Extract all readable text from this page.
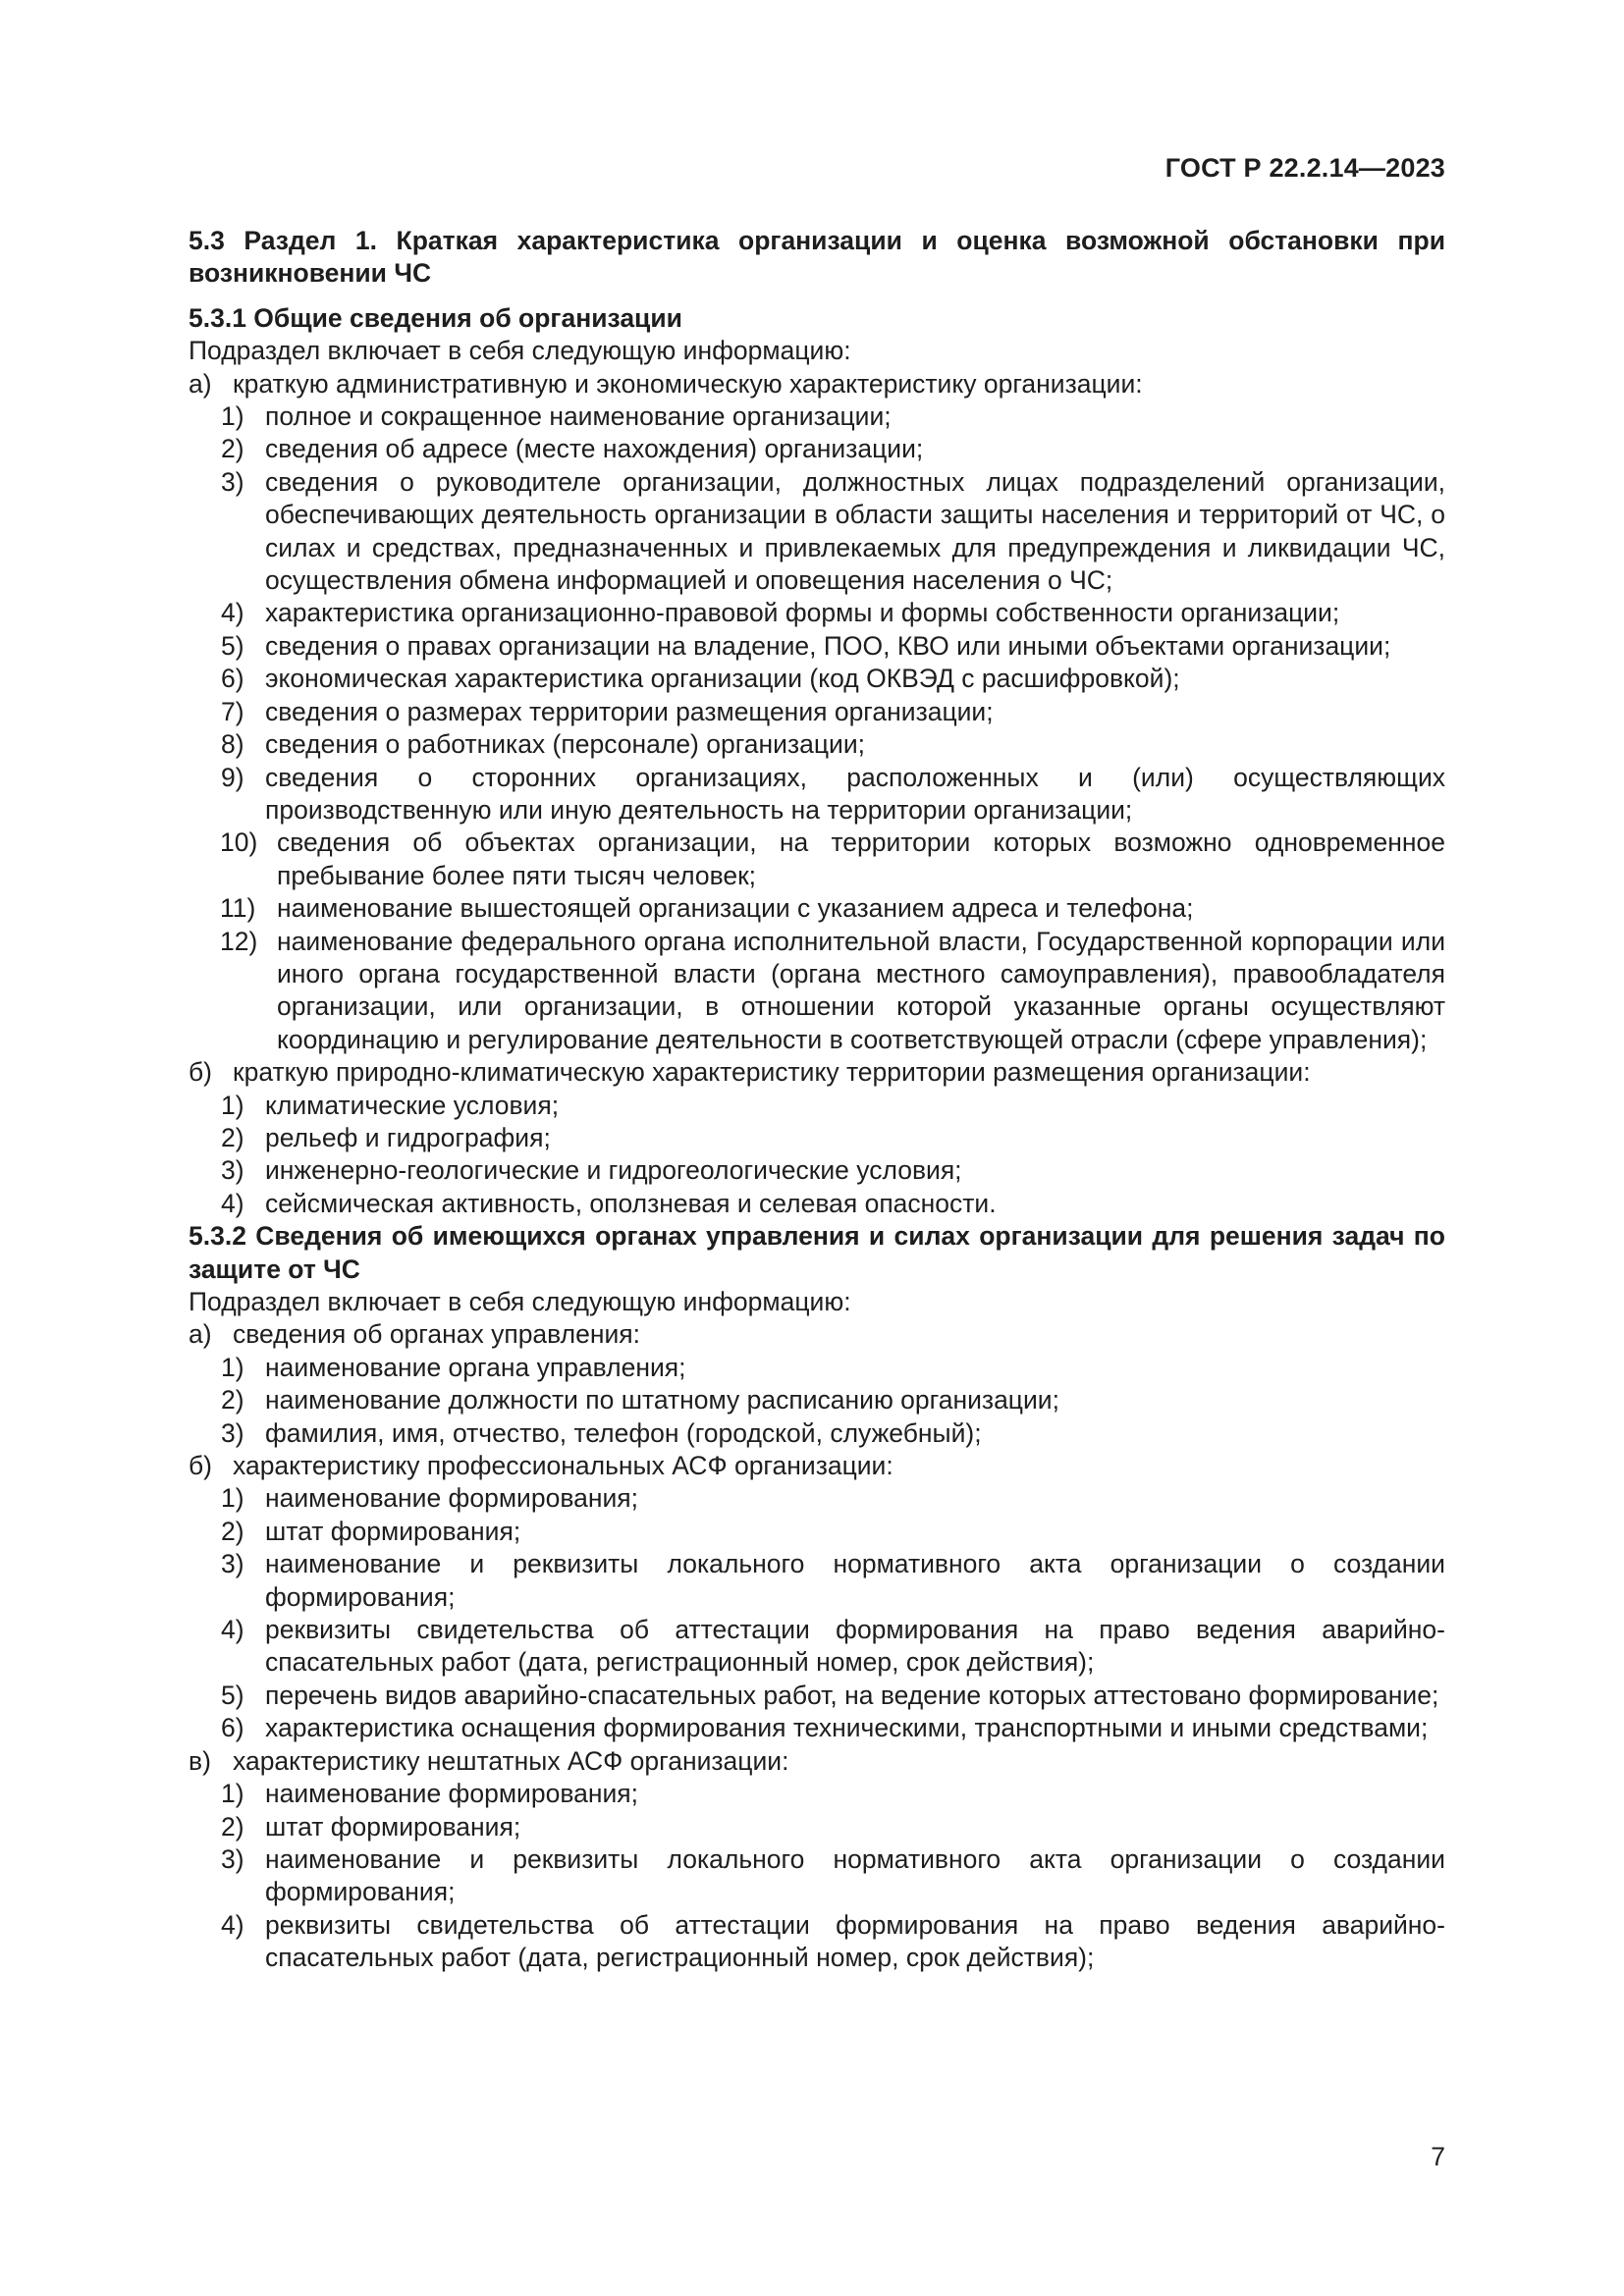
ГОСТ Р 22.2.14—2023

5.3 Раздел 1. Краткая характеристика организации и оценка возможной обстановки при возникновении ЧС

5.3.1 Общие сведения об организации

Подраздел включает в себя следующую информацию:

а) краткую административную и экономическую характеристику организации:
1) полное и сокращенное наименование организации;
2) сведения об адресе (месте нахождения) организации;
3) сведения о руководителе организации, должностных лицах подразделений организации, обеспечивающих деятельность организации в области защиты населения и территорий от ЧС, о силах и средствах, предназначенных и привлекаемых для предупреждения и ликвидации ЧС, осуществления обмена информацией и оповещения населения о ЧС;
4) характеристика организационно-правовой формы и формы собственности организации;
5) сведения о правах организации на владение, ПОО, КВО или иными объектами организации;
6) экономическая характеристика организации (код ОКВЭД с расшифровкой);
7) сведения о размерах территории размещения организации;
8) сведения о работниках (персонале) организации;
9) сведения о сторонних организациях, расположенных и (или) осуществляющих производственную или иную деятельность на территории организации;
10) сведения об объектах организации, на территории которых возможно одновременное пребывание более пяти тысяч человек;
11) наименование вышестоящей организации с указанием адреса и телефона;
12) наименование федерального органа исполнительной власти, Государственной корпорации или иного органа государственной власти (органа местного самоуправления), правообладателя организации, или организации, в отношении которой указанные органы осуществляют координацию и регулирование деятельности в соответствующей отрасли (сфере управления);
б) краткую природно-климатическую характеристику территории размещения организации:
1) климатические условия;
2) рельеф и гидрография;
3) инженерно-геологические и гидрогеологические условия;
4) сейсмическая активность, оползневая и селевая опасности.

5.3.2 Сведения об имеющихся органах управления и силах организации для решения задач по защите от ЧС

Подраздел включает в себя следующую информацию:

а) сведения об органах управления:
1) наименование органа управления;
2) наименование должности по штатному расписанию организации;
3) фамилия, имя, отчество, телефон (городской, служебный);
б) характеристику профессиональных АСФ организации:
1) наименование формирования;
2) штат формирования;
3) наименование и реквизиты локального нормативного акта организации о создании формирования;
4) реквизиты свидетельства об аттестации формирования на право ведения аварийно-спасательных работ (дата, регистрационный номер, срок действия);
5) перечень видов аварийно-спасательных работ, на ведение которых аттестовано формирование;
6) характеристика оснащения формирования техническими, транспортными и иными средствами;
в) характеристику нештатных АСФ организации:
1) наименование формирования;
2) штат формирования;
3) наименование и реквизиты локального нормативного акта организации о создании формирования;
4) реквизиты свидетельства об аттестации формирования на право ведения аварийно-спасательных работ (дата, регистрационный номер, срок действия);
7
